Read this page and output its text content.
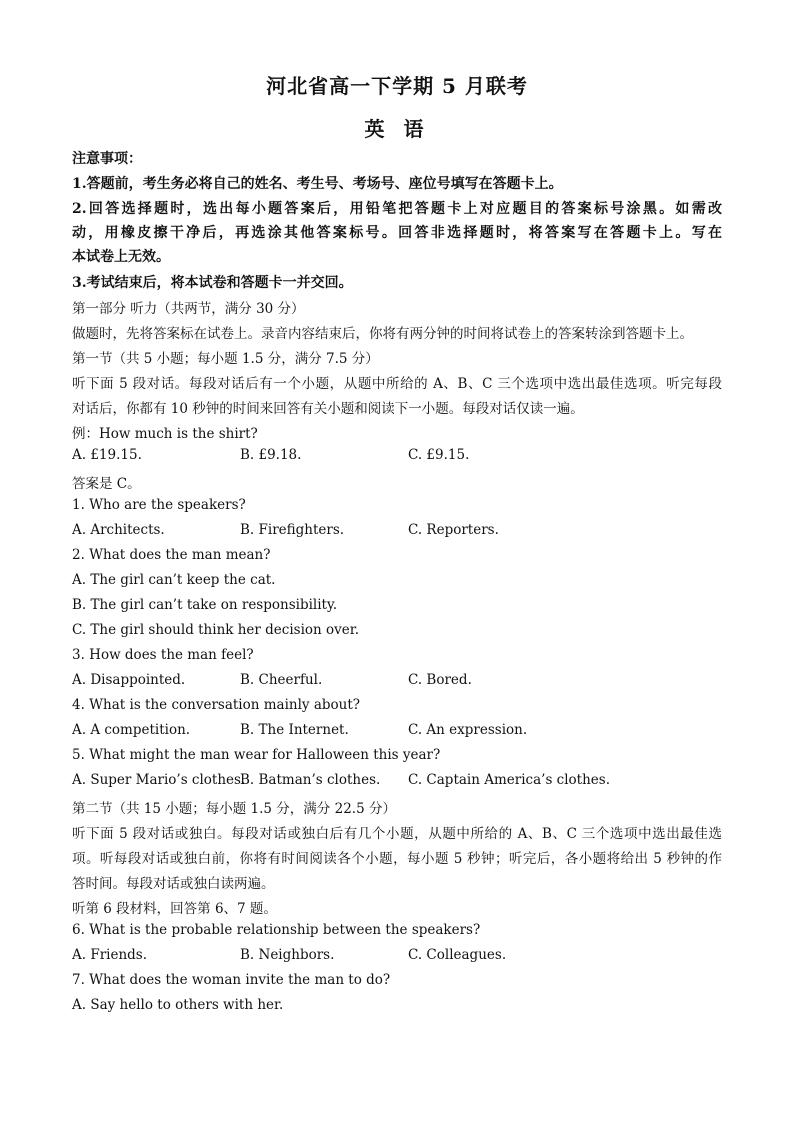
河北省高一下学期 5 月联考
英 语
注意事项：
1.答题前，考生务必将自己的姓名、考生号、考场号、座位号填写在答题卡上。
2.回答选择题时，选出每小题答案后，用铅笔把答题卡上对应题目的答案标号涂黑。如需改
动，用橡皮擦干净后，再选涂其他答案标号。回答非选择题时，将答案写在答题卡上。写在
本试卷上无效。
3.考试结束后，将本试卷和答题卡一并交回。
第一部分 听力（共两节，满分 30 分）
做题时，先将答案标在试卷上。录音内容结束后，你将有两分钟的时间将试卷上的答案转涂到答题卡上。
第一节（共 5 小题；每小题 1.5 分，满分 7.5 分）
听下面 5 段对话。每段对话后有一个小题，从题中所给的 A、B、C 三个选项中选出最佳选项。听完每段
对话后，你都有 10 秒钟的时间来回答有关小题和阅读下一小题。每段对话仅读一遍。
例：How much is the shirt?
A. £19.15.	B. £9.18.	C. £9.15.
答案是 C。
1. Who are the speakers?
A. Architects.	B. Firefighters.	C. Reporters.
2. What does the man mean?
A. The girl can’t keep the cat.
B. The girl can’t take on responsibility.
C. The girl should think her decision over.
3. How does the man feel?
A. Disappointed.	B. Cheerful.	C. Bored.
4. What is the conversation mainly about?
A. A competition.	B. The Internet.	C. An expression.
5. What might the man wear for Halloween this year?
A. Super Mario’s clothes.
B. Batman’s clothes. C. Captain America’s clothes.
第二节（共 15 小题；每小题 1.5 分，满分 22.5 分）
听下面 5 段对话或独白。每段对话或独白后有几个小题，从题中所给的 A、B、C 三个选项中选出最佳选
项。听每段对话或独白前，你将有时间阅读各个小题，每小题 5 秒钟；听完后，各小题将给出 5 秒钟的作
答时间。每段对话或独白读两遍。
听第 6 段材料，回答第 6、7 题。
6. What is the probable relationship between the speakers?
A. Friends.	B. Neighbors.	C. Colleagues.
7. What does the woman invite the man to do?
A. Say hello to others with her.
